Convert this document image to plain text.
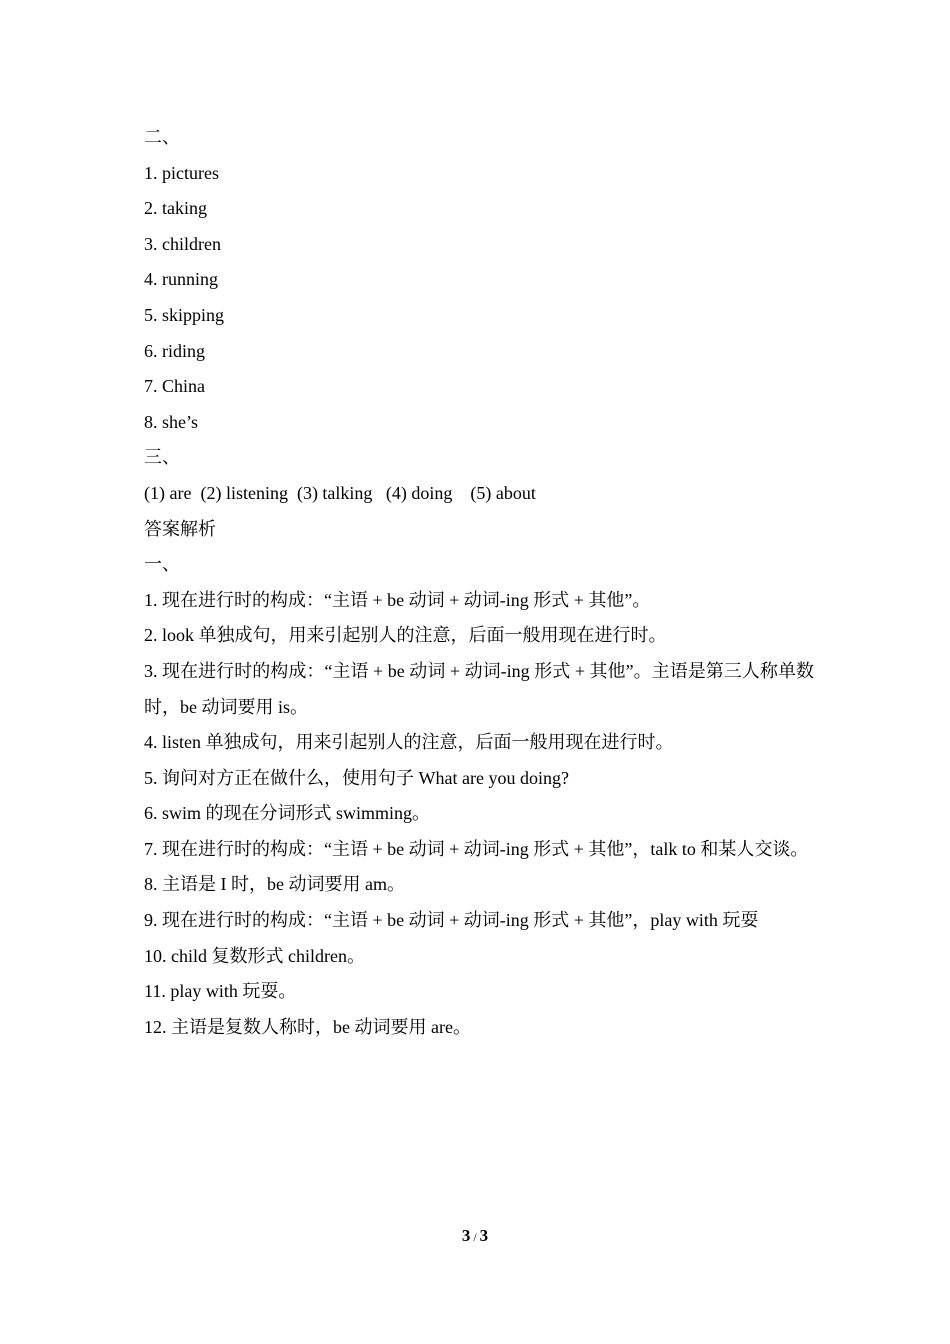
二、
1. pictures
2. taking
3. children
4. running
5. skipping
6. riding
7. China
8. she’s
三、
(1) are  (2) listening  (3) talking   (4) doing    (5) about
答案解析
一、
1. 现在进行时的构成：“主语 + be 动词 + 动词-ing 形式 + 其他”。
2. look 单独成句，用来引起别人的注意，后面一般用现在进行时。
3. 现在进行时的构成：“主语 + be 动词 + 动词-ing 形式 + 其他”。主语是第三人称单数时，be 动词要用 is。
4. listen 单独成句，用来引起别人的注意，后面一般用现在进行时。
5. 询问对方正在做什么，使用句子 What are you doing?
6. swim 的现在分词形式 swimming。
7. 现在进行时的构成：“主语 + be 动词 + 动词-ing 形式 + 其他”，talk to 和某人交谈。
8. 主语是 I 时，be 动词要用 am。
9. 现在进行时的构成：“主语 + be 动词 + 动词-ing 形式 + 其他”，play with 玩耍
10. child 复数形式 children。
11. play with 玩耍。
12. 主语是复数人称时，be 动词要用 are。
3 / 3
